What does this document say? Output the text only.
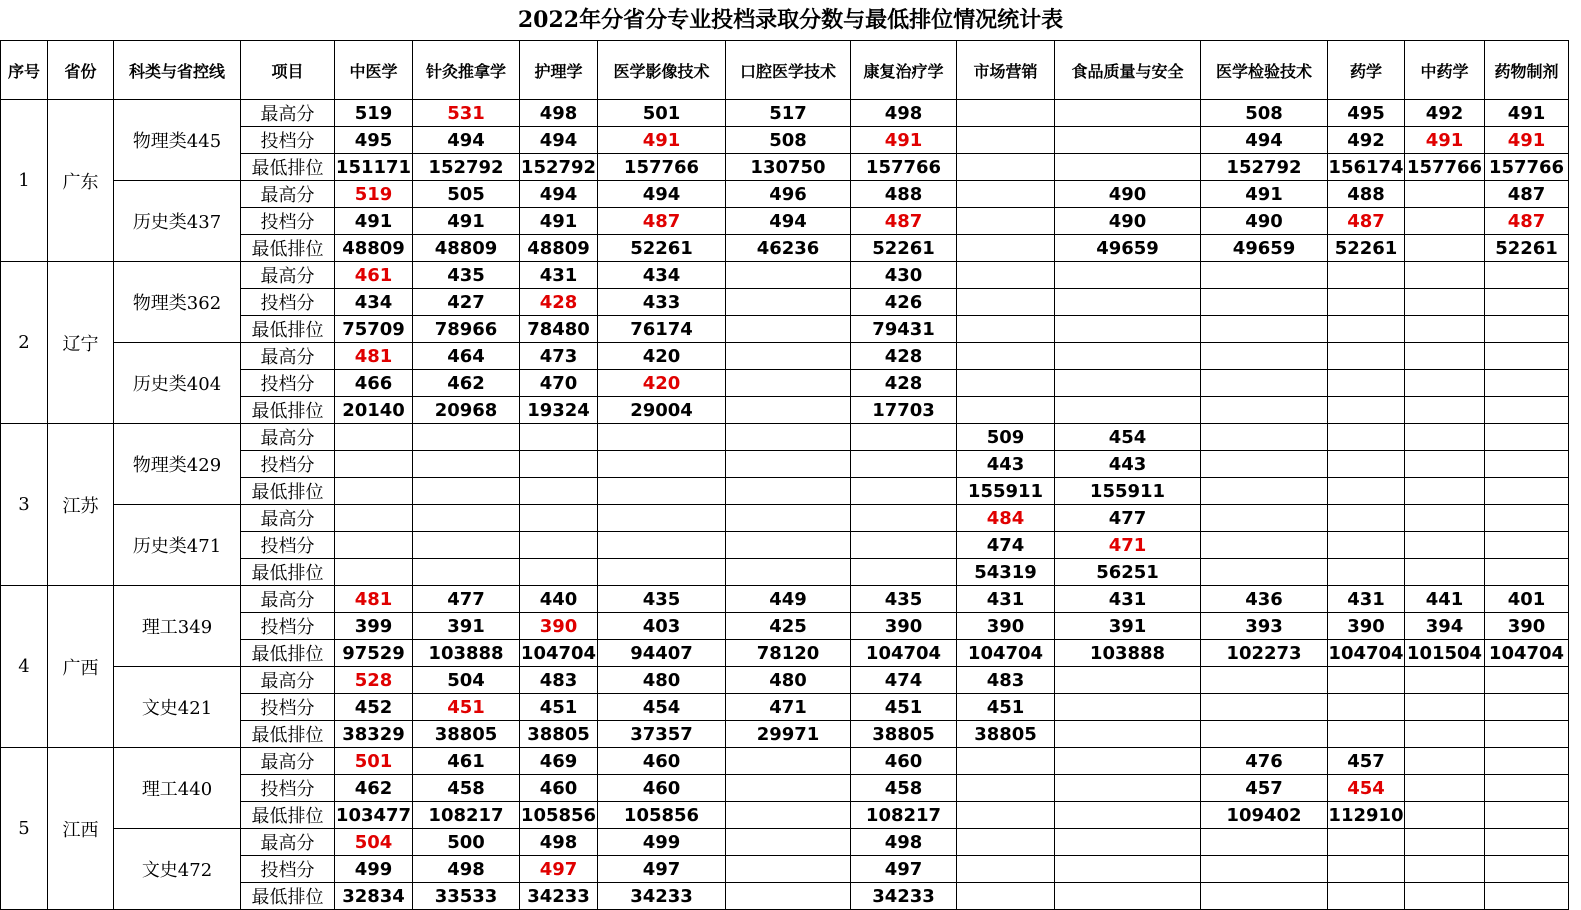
2022年分省分专业投档录取分数与最低排位情况统计表
序号	省份	科类与省控线	项目	中医学	针灸推拿学	护理学	医学影像技术	口腔医学技术	康复治疗学	市场营销	食品质量与安全	医学检验技术	药学	中药学	药物制剂
1	广东	物理类445	最高分	519	531	498	501	517	498			508	495	492	491
			投档分	495	494	494	491	508	491			494	492	491	491
			最低排位	151171	152792	152792	157766	130750	157766			152792	156174	157766	157766
		历史类437	最高分	519	505	494	494	496	488		490	491	488		487
			投档分	491	491	491	487	494	487		490	490	487		487
			最低排位	48809	48809	48809	52261	46236	52261		49659	49659	52261		52261
2	辽宁	物理类362	最高分	461	435	431	434		430						
			投档分	434	427	428	433		426						
			最低排位	75709	78966	78480	76174		79431						
		历史类404	最高分	481	464	473	420		428						
			投档分	466	462	470	420		428						
			最低排位	20140	20968	19324	29004		17703						
3	江苏	物理类429	最高分							509	454				
			投档分							443	443				
			最低排位							155911	155911				
		历史类471	最高分							484	477				
			投档分							474	471				
			最低排位							54319	56251				
4	广西	理工349	最高分	481	477	440	435	449	435	431	431	436	431	441	401
			投档分	399	391	390	403	425	390	390	391	393	390	394	390
			最低排位	97529	103888	104704	94407	78120	104704	104704	103888	102273	104704	101504	104704
		文史421	最高分	528	504	483	480	480	474	483					
			投档分	452	451	451	454	471	451	451					
			最低排位	38329	38805	38805	37357	29971	38805	38805					
5	江西	理工440	最高分	501	461	469	460		460			476	457		
			投档分	462	458	460	460		458			457	454		
			最低排位	103477	108217	105856	105856		108217			109402	112910		
		文史472	最高分	504	500	498	499		498						
			投档分	499	498	497	497		497						
			最低排位	32834	33533	34233	34233		34233						
